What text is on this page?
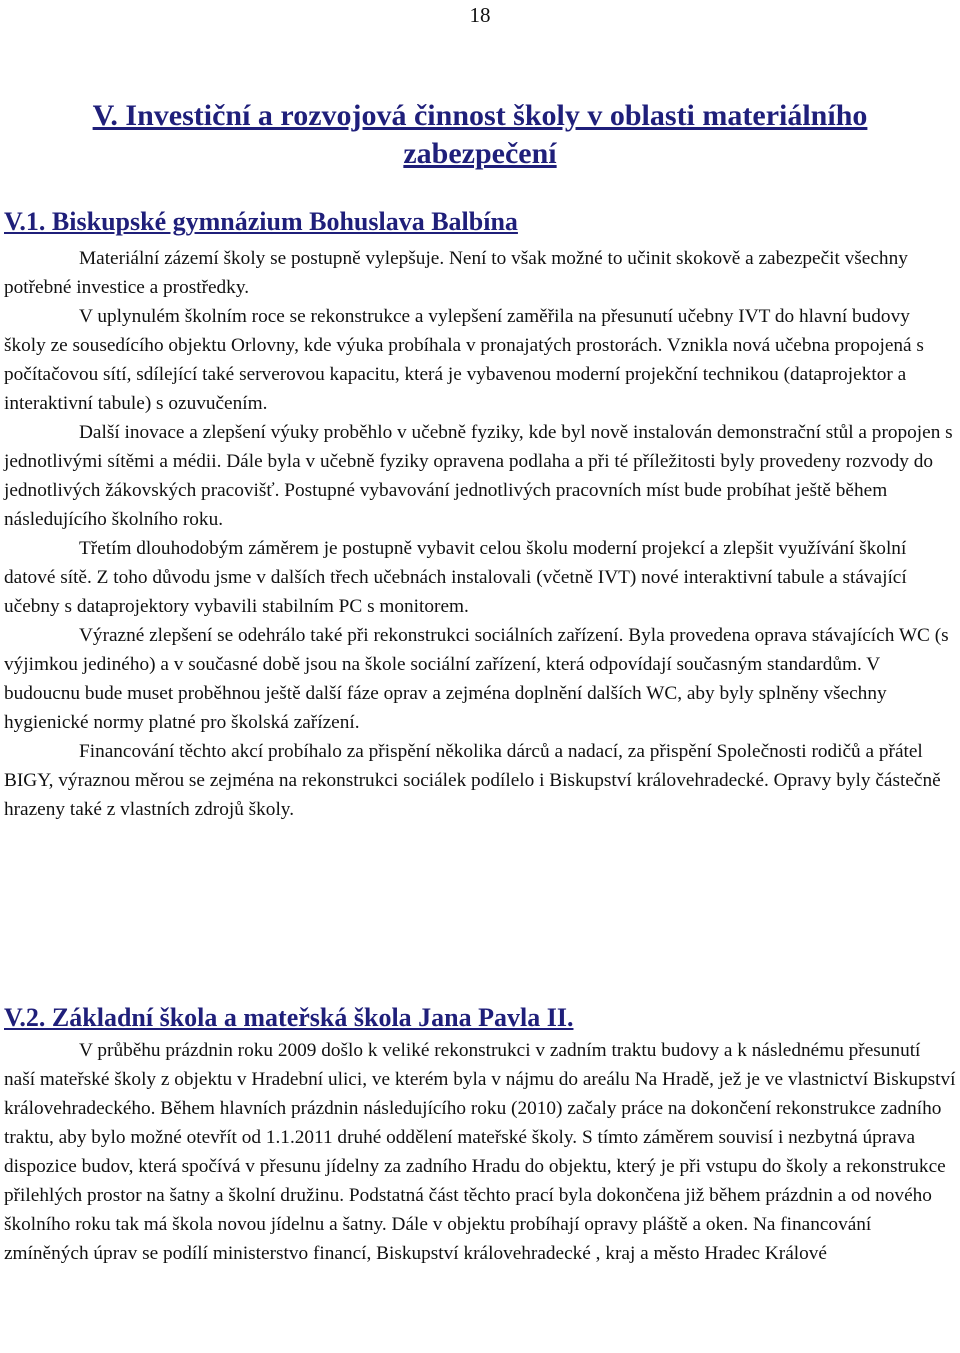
18
V. Investiční a rozvojová činnost školy v oblasti materiálního
zabezpečení
V.1. Biskupské gymnázium Bohuslava Balbína

Materiální zázemí školy se postupně vylepšuje. Není to však možné to učinit skokově a zabezpečit všechny potřebné investice a prostředky.

V uplynulém školním roce se rekonstrukce a vylepšení zaměřila na přesunutí učebny IVT do hlavní budovy školy ze sousedícího objektu Orlovny, kde výuka probíhala v pronajatých prostorách. Vznikla nová učebna propojená s počítačovou sítí, sdílející také serverovou kapacitu, která je vybavenou moderní projekční technikou (dataprojektor a interaktivní tabule) s ozuvučením.

Další inovace a zlepšení výuky proběhlo v učebně fyziky, kde byl nově instalován demonstrační stůl a propojen s jednotlivými sítěmi a médii. Dále byla v učebně fyziky opravena podlaha a při té příležitosti byly provedeny rozvody do jednotlivých žákovských pracovišť. Postupné vybavování jednotlivých pracovních míst bude probíhat ještě během následujícího školního roku.

Třetím dlouhodobým záměrem je postupně vybavit celou školu moderní projekcí a zlepšit využívání školní datové sítě. Z toho důvodu jsme v dalších třech učebnách instalovali (včetně IVT) nové interaktivní tabule a stávající učebny s dataprojektory vybavili stabilním PC s monitorem.

Výrazné zlepšení se odehrálo také při rekonstrukci sociálních zařízení. Byla provedena oprava stávajících WC (s výjimkou jediného) a v současné době jsou na škole sociální zařízení, která odpovídají současným standardům. V budoucnu bude muset proběhnou ještě další fáze oprav a zejména doplnění dalších WC, aby byly splněny všechny hygienické normy platné pro školská zařízení.

Financování těchto akcí probíhalo za přispění několika dárců a nadací, za přispění Společnosti rodičů a přátel BIGY, výraznou měrou se zejména na rekonstrukci sociálek podílelo i Biskupství královehradecké. Opravy byly částečně hrazeny také z vlastních zdrojů školy.

V.2. Základní škola a mateřská škola Jana Pavla II.

V průběhu prázdnin roku 2009 došlo k veliké rekonstrukci v zadním traktu budovy a k následnému přesunutí naší mateřské školy z objektu v Hradební ulici, ve kterém byla v nájmu do areálu Na Hradě, jež je ve vlastnictví Biskupství královehradeckého. Během hlavních prázdnin následujícího roku (2010) začaly práce na dokončení rekonstrukce zadního traktu, aby bylo možné otevřít od 1.1.2011 druhé oddělení mateřské školy. S tímto záměrem souvisí i nezbytná úprava dispozice budov, která spočívá v přesunu jídelny za zadního Hradu do objektu, který je při vstupu do školy a rekonstrukce přilehlých prostor na šatny a školní družinu. Podstatná část těchto prací byla dokončena již během prázdnin a od nového školního roku tak má škola novou jídelnu a šatny. Dále v objektu probíhají opravy pláště a oken. Na financování zmíněných úprav se podílí ministerstvo financí, Biskupství královehradecké , kraj a město Hradec Králové
